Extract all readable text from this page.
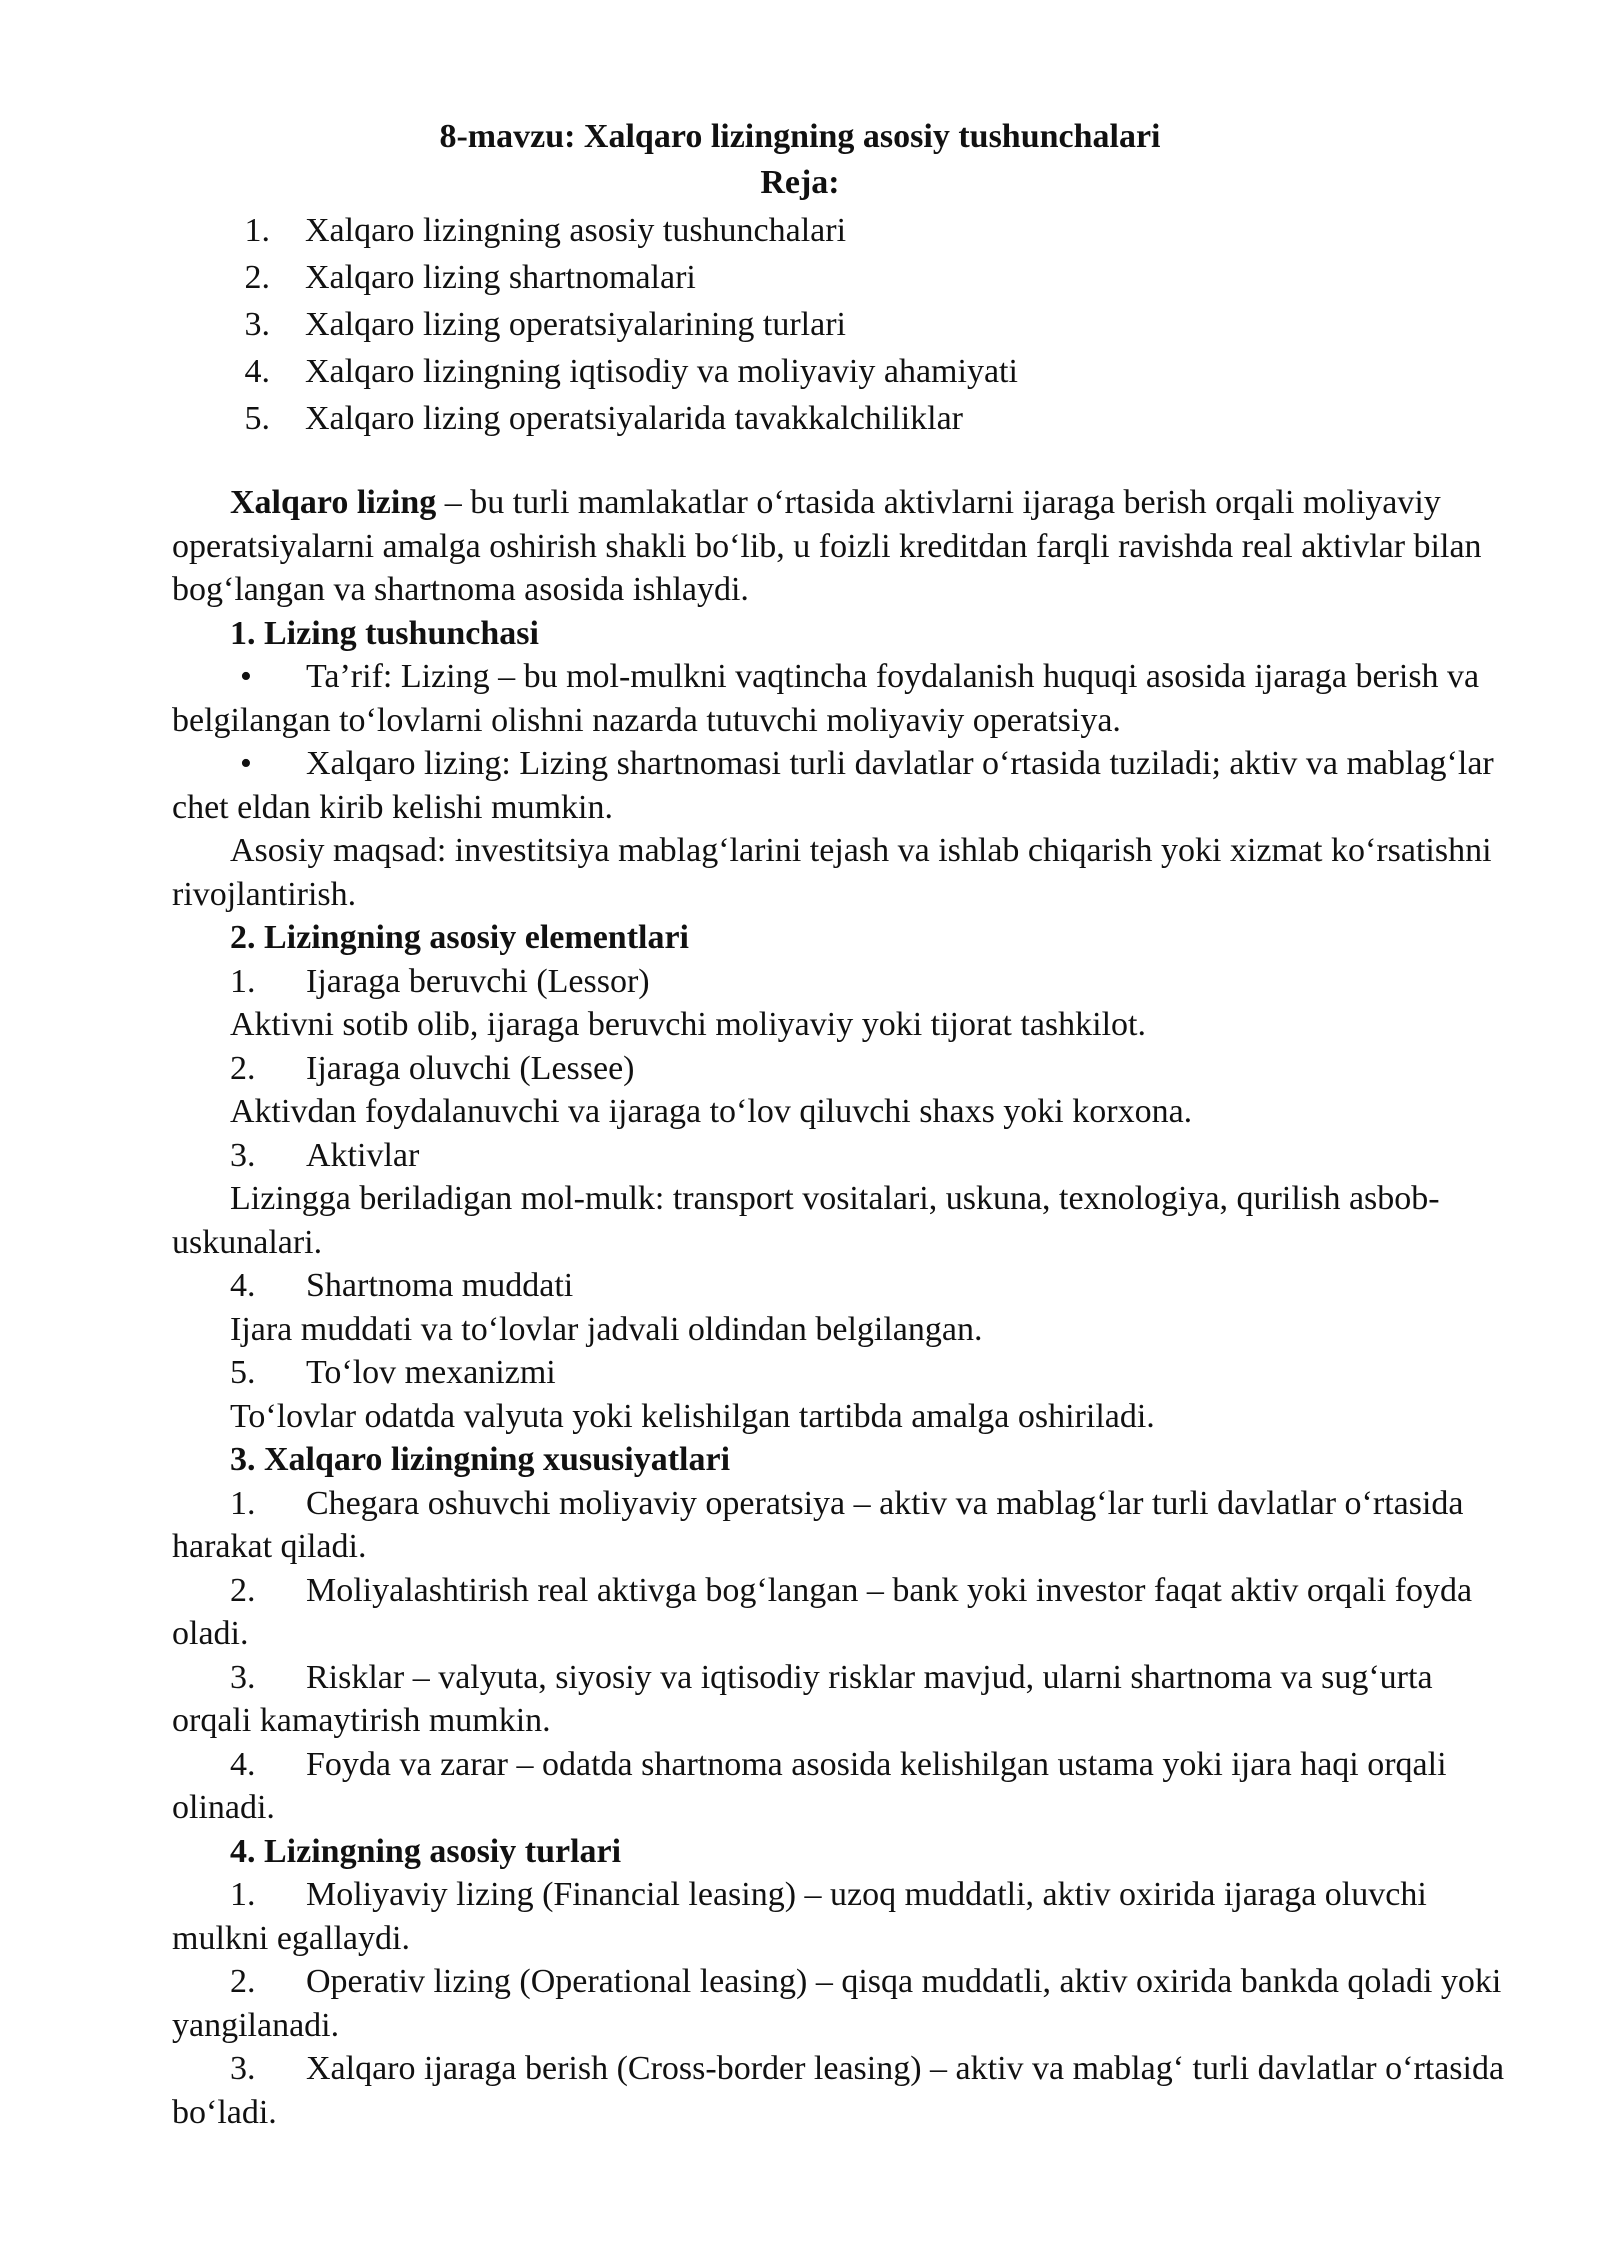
8-mavzu: Xalqaro lizingning asosiy tushunchalari
Reja:
1. Xalqaro lizingning asosiy tushunchalari
2. Xalqaro lizing shartnomalari
3. Xalqaro lizing operatsiyalarining turlari
4. Xalqaro lizingning iqtisodiy va moliyaviy ahamiyati
5. Xalqaro lizing operatsiyalarida tavakkalchiliklar

Xalqaro lizing – bu turli mamlakatlar oʻrtasida aktivlarni ijaraga berish orqali moliyaviy operatsiyalarni amalga oshirish shakli boʻlib, u foizli kreditdan farqli ravishda real aktivlar bilan bogʻlangan va shartnoma asosida ishlaydi.

1. Lizing tushunchasi

• Ta’rif: Lizing – bu mol-mulkni vaqtincha foydalanish huquqi asosida ijaraga berish va belgilangan toʻlovlarni olishni nazarda tutuvchi moliyaviy operatsiya.

• Xalqaro lizing: Lizing shartnomasi turli davlatlar oʻrtasida tuziladi; aktiv va mablagʻlar chet eldan kirib kelishi mumkin.

Asosiy maqsad: investitsiya mablagʻlarini tejash va ishlab chiqarish yoki xizmat koʻrsatishni rivojlantirish.

2. Lizingning asosiy elementlari

1. Ijaraga beruvchi (Lessor)

Aktivni sotib olib, ijaraga beruvchi moliyaviy yoki tijorat tashkilot.

2. Ijaraga oluvchi (Lessee)

Aktivdan foydalanuvchi va ijaraga toʻlov qiluvchi shaxs yoki korxona.

3. Aktivlar

Lizingga beriladigan mol-mulk: transport vositalari, uskuna, texnologiya, qurilish asbob-uskunalari.

4. Shartnoma muddati

Ijara muddati va toʻlovlar jadvali oldindan belgilangan.

5. Toʻlov mexanizmi

Toʻlovlar odatda valyuta yoki kelishilgan tartibda amalga oshiriladi.

3. Xalqaro lizingning xususiyatlari

1. Chegara oshuvchi moliyaviy operatsiya – aktiv va mablagʻlar turli davlatlar oʻrtasida harakat qiladi.

2. Moliyalashtirish real aktivga bogʻlangan – bank yoki investor faqat aktiv orqali foyda oladi.

3. Risklar – valyuta, siyosiy va iqtisodiy risklar mavjud, ularni shartnoma va sugʻurta orqali kamaytirish mumkin.

4. Foyda va zarar – odatda shartnoma asosida kelishilgan ustama yoki ijara haqi orqali olinadi.

4. Lizingning asosiy turlari

1. Moliyaviy lizing (Financial leasing) – uzoq muddatli, aktiv oxirida ijaraga oluvchi mulkni egallaydi.

2. Operativ lizing (Operational leasing) – qisqa muddatli, aktiv oxirida bankda qoladi yoki yangilanadi.

3. Xalqaro ijaraga berish (Cross-border leasing) – aktiv va mablagʻ turli davlatlar oʻrtasida boʻladi.
